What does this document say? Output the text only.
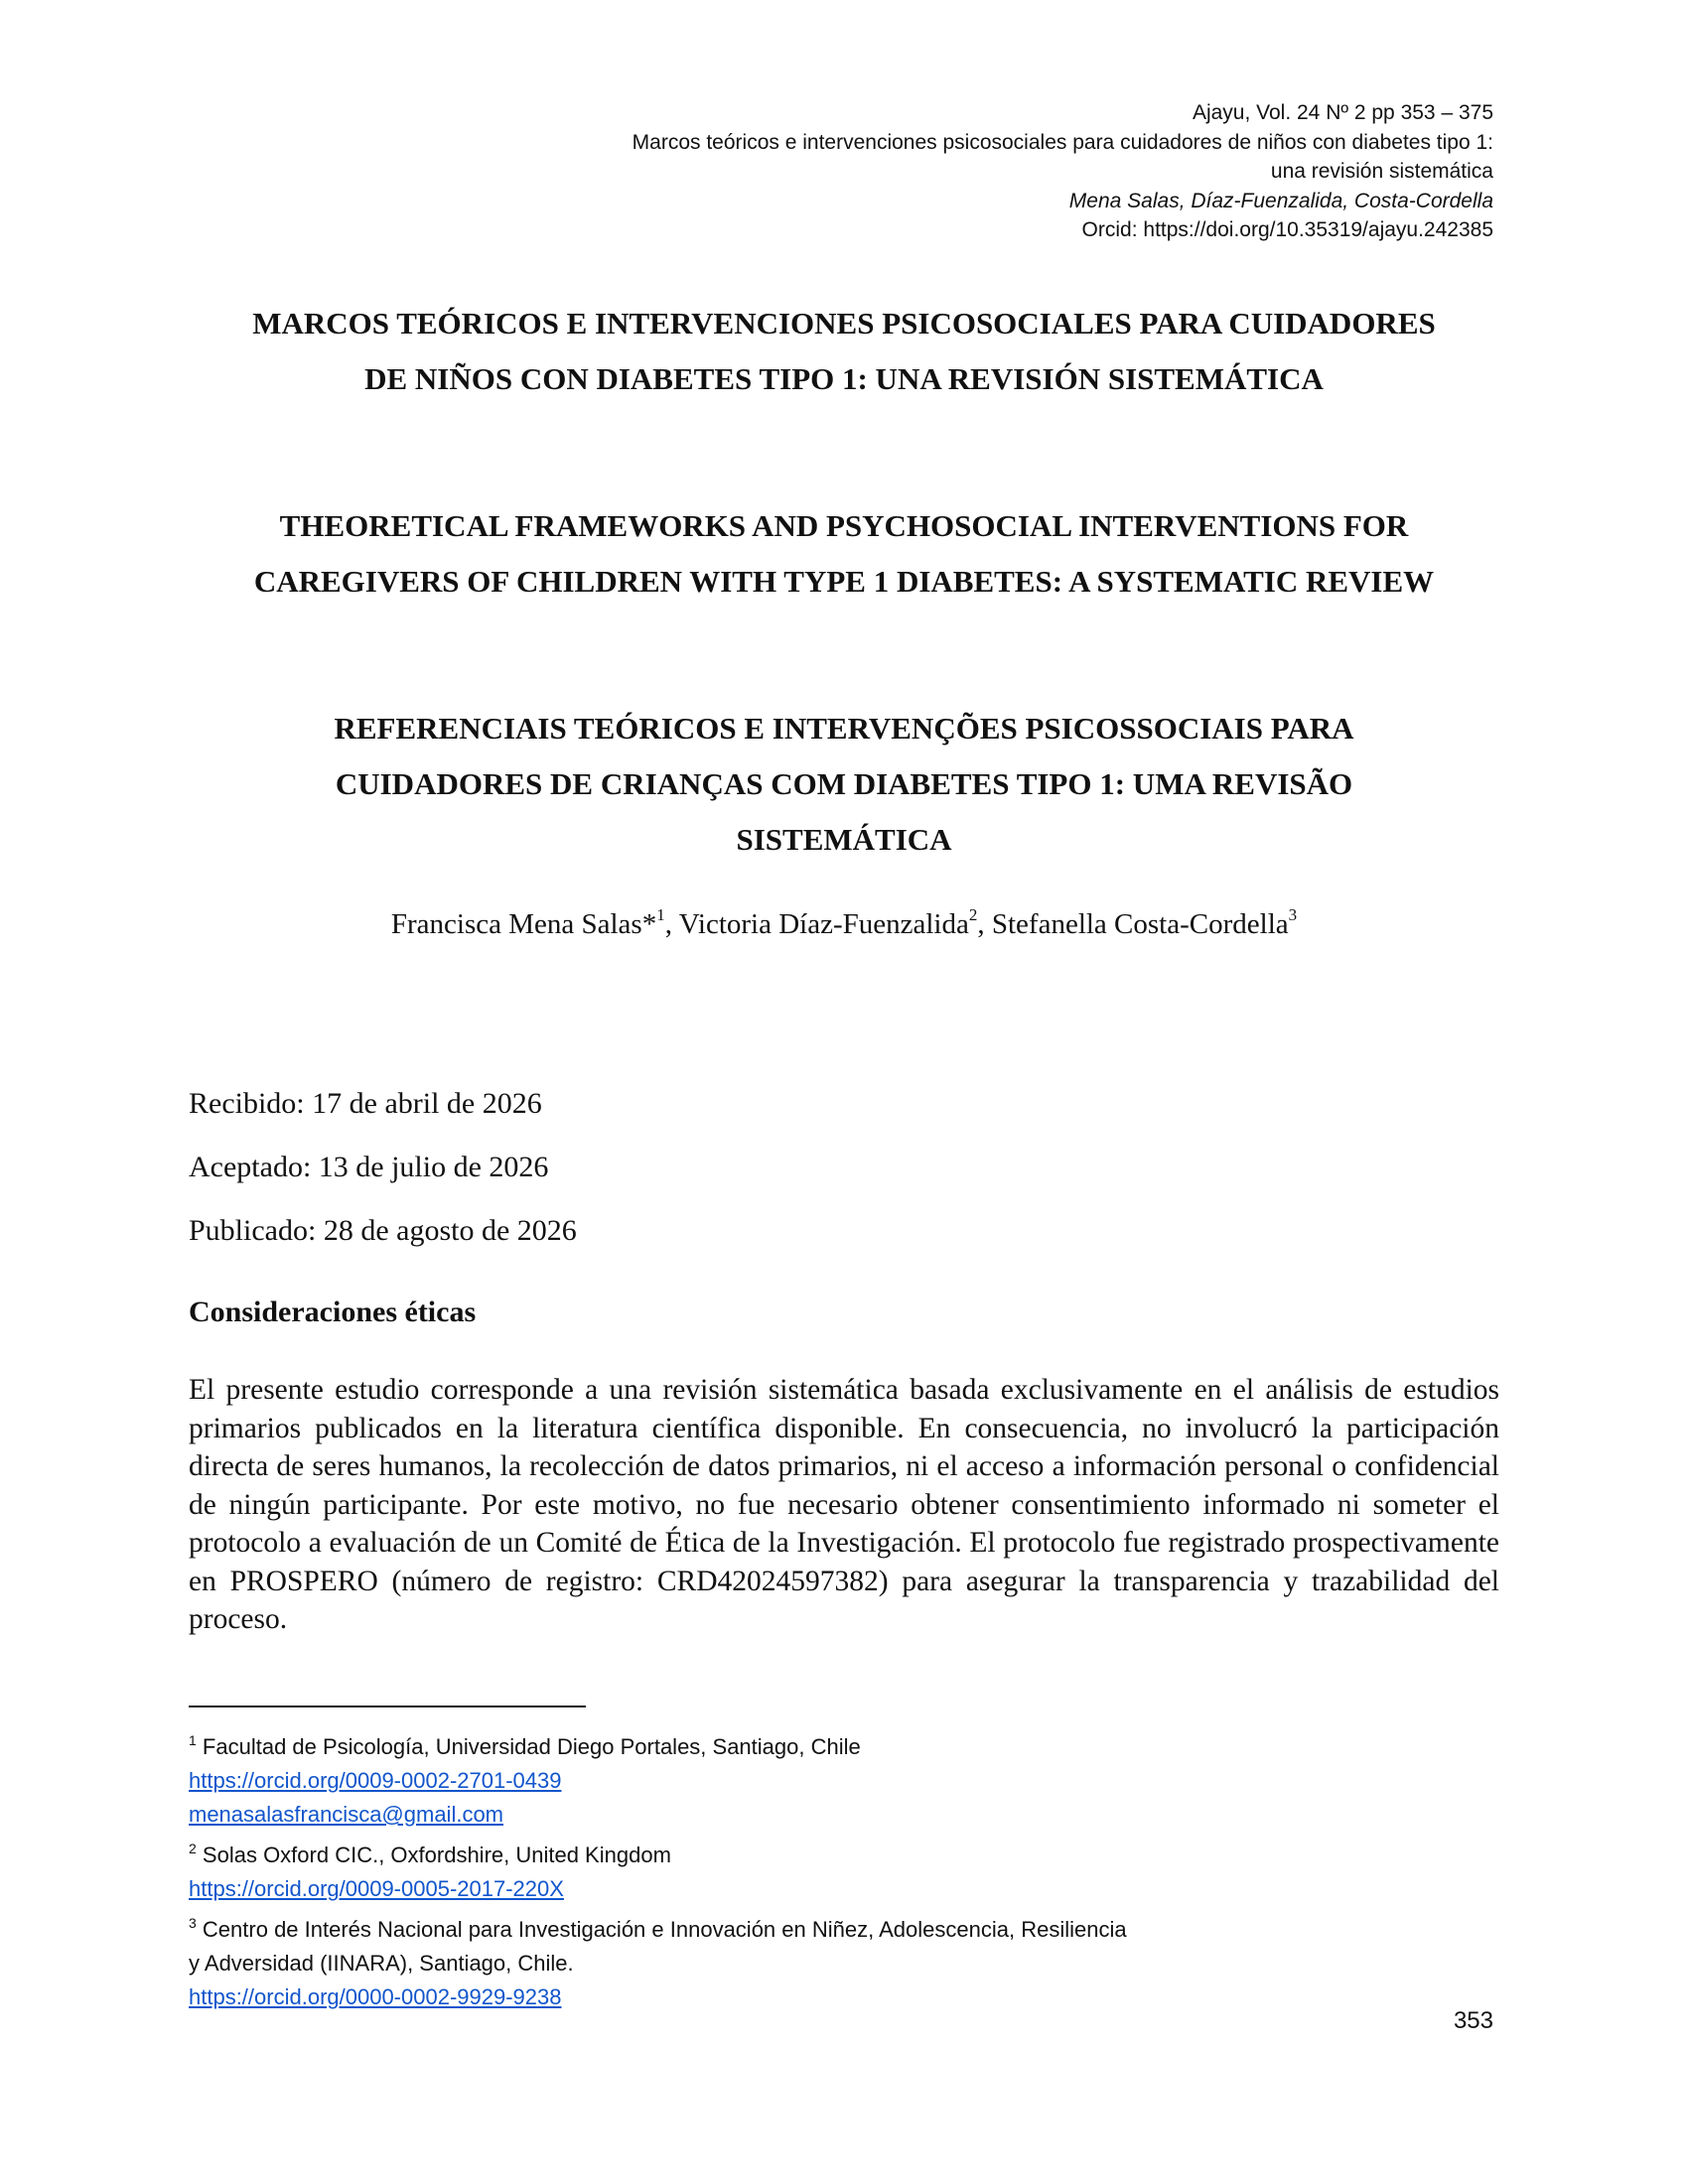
Ajayu, Vol. 24 Nº 2 pp 353 – 375
Marcos teóricos e intervenciones psicosociales para cuidadores de niños con diabetes tipo 1:
una revisión sistemática
Mena Salas, Díaz-Fuenzalida, Costa-Cordella
Orcid: https://doi.org/10.35319/ajayu.242385
MARCOS TEÓRICOS E INTERVENCIONES PSICOSOCIALES PARA CUIDADORES
DE NIÑOS CON DIABETES TIPO 1: UNA REVISIÓN SISTEMÁTICA
THEORETICAL FRAMEWORKS AND PSYCHOSOCIAL INTERVENTIONS FOR
CAREGIVERS OF CHILDREN WITH TYPE 1 DIABETES: A SYSTEMATIC REVIEW
REFERENCIAIS TEÓRICOS E INTERVENÇÕES PSICOSSOCIAIS PARA
CUIDADORES DE CRIANÇAS COM DIABETES TIPO 1: UMA REVISÃO
SISTEMÁTICA
Francisca Mena Salas*$^1$, Victoria Díaz-Fuenzalida$^2$, Stefanella Costa-Cordella$^3$
Recibido: 17 de abril de 2026
Aceptado: 13 de julio de 2026
Publicado: 28 de agosto de 2026
Consideraciones éticas
El presente estudio corresponde a una revisión sistemática basada exclusivamente en el análisis de estudios primarios publicados en la literatura científica disponible. En consecuencia, no involucró la participación directa de seres humanos, la recolección de datos primarios, ni el acceso a información personal o confidencial de ningún participante. Por este motivo, no fue necesario obtener consentimiento informado ni someter el protocolo a evaluación de un Comité de Ética de la Investigación. El protocolo fue registrado prospectivamente en PROSPERO (número de registro: CRD42024597382) para asegurar la transparencia y trazabilidad del proceso.
$^1$ Facultad de Psicología, Universidad Diego Portales, Santiago, Chile
https://orcid.org/0009-0002-2701-0439
menasalasfrancisca@gmail.com
$^2$ Solas Oxford CIC., Oxfordshire, United Kingdom
https://orcid.org/0009-0005-2017-220X
$^3$ Centro de Interés Nacional para Investigación e Innovación en Niñez, Adolescencia, Resiliencia
y Adversidad (IINARA), Santiago, Chile.
https://orcid.org/0000-0002-9929-9238
353
